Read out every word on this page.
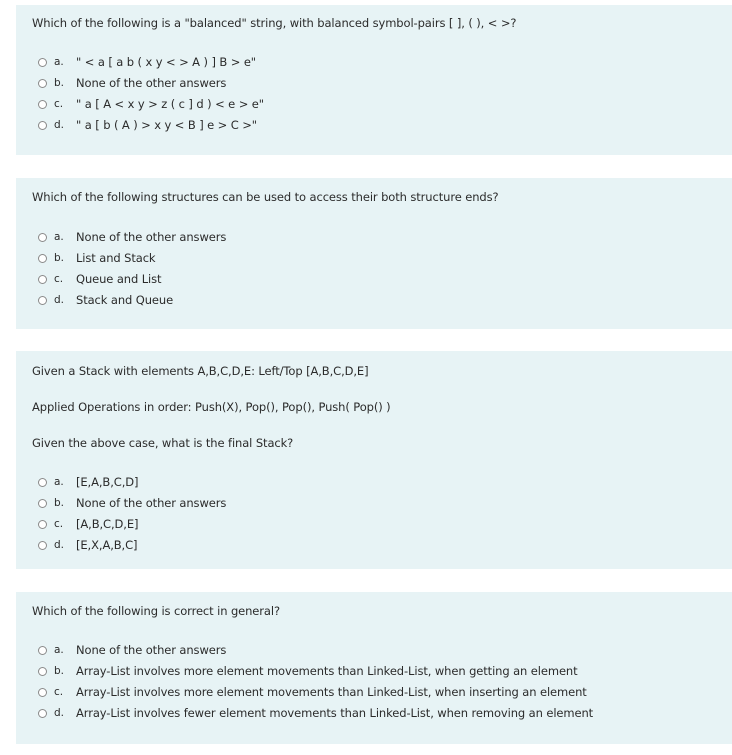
Which of the following is a "balanced" string, with balanced symbol-pairs [ ], ( ), < >?
a.	" < a [ a b ( x y < > A ) ] B > e"
b.	None of the other answers
c.	" a [ A < x y > z ( c ] d ) < e > e"
d.	" a [ b ( A ) > x y < B ] e > C >"
Which of the following structures can be used to access their both structure ends?
a.	None of the other answers
b.	List and Stack
c.	Queue and List
d.	Stack and Queue
Given a Stack with elements A,B,C,D,E: Left/Top [A,B,C,D,E]
Applied Operations in order: Push(X), Pop(), Pop(), Push( Pop() )
Given the above case, what is the final Stack?
a.	[E,A,B,C,D]
b.	None of the other answers
c.	[A,B,C,D,E]
d.	[E,X,A,B,C]
Which of the following is correct in general?
a.	None of the other answers
b.	Array-List involves more element movements than Linked-List, when getting an element
c.	Array-List involves more element movements than Linked-List, when inserting an element
d.	Array-List involves fewer element movements than Linked-List, when removing an element
